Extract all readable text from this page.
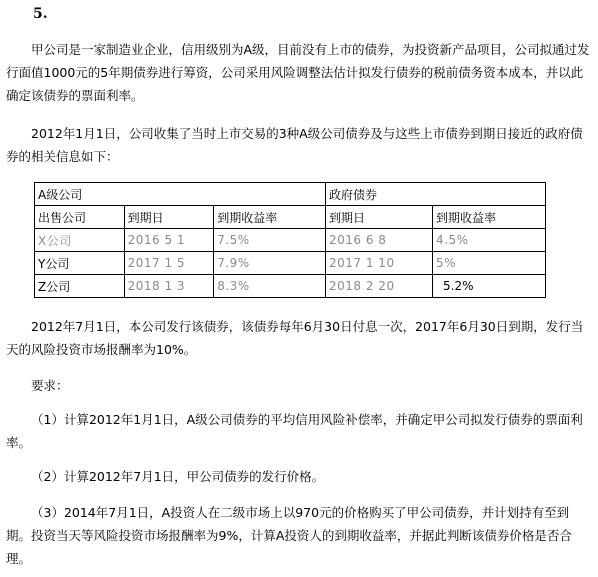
5.
甲公司是一家制造业企业，信用级别为A级，目前没有上市的债券，为投资新产品项目，公司拟通过发行面值1000元的5年期债券进行筹资，公司采用风险调整法估计拟发行债券的税前债务资本成本，并以此确定该债券的票面利率。
2012年1月1日，公司收集了当时上市交易的3种A级公司债券及与这些上市债券到期日接近的政府债券的相关信息如下：
A级公司			政府债券	
出售公司	到期日	到期收益率	到期日	到期收益率
X公司	2016 5 1	7.5%	2016 6 8	4.5%
Y公司	2017 1 5	7.9%	2017 1 10	5%
Z公司	2018 1 3	8.3%	2018 2 20	5.2%
2012年7月1日，本公司发行该债券，该债券每年6月30日付息一次，2017年6月30日到期，发行当天的风险投资市场报酬率为10%。
要求：
（1）计算2012年1月1日，A级公司债券的平均信用风险补偿率，并确定甲公司拟发行债券的票面利率。
（2）计算2012年7月1日，甲公司债券的发行价格。
（3）2014年7月1日，A投资人在二级市场上以970元的价格购买了甲公司债券，并计划持有至到期。投资当天等风险投资市场报酬率为9%，计算A投资人的到期收益率，并据此判断该债券价格是否合理。
